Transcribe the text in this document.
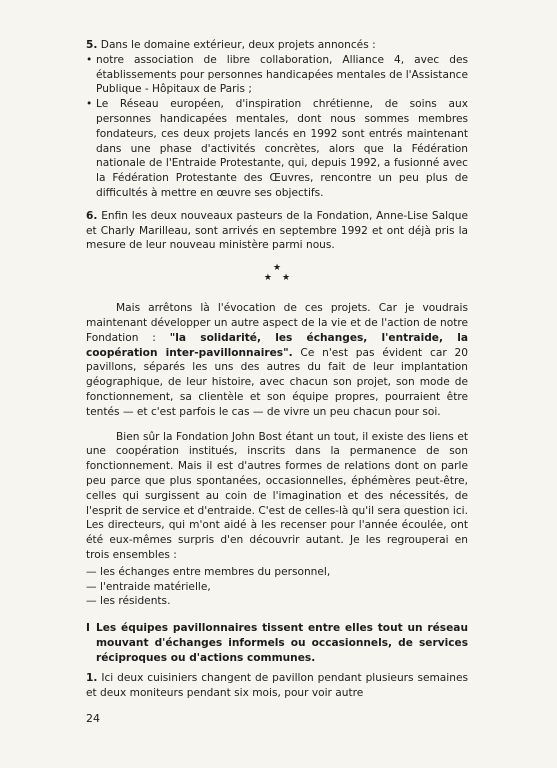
5. Dans le domaine extérieur, deux projets annoncés :

• notre association de libre collaboration, Alliance 4, avec des établissements pour personnes handicapées mentales de l'Assistance Publique - Hôpitaux de Paris ;
• Le Réseau européen, d'inspiration chrétienne, de soins aux personnes handicapées mentales, dont nous sommes membres fondateurs, ces deux projets lancés en 1992 sont entrés maintenant dans une phase d'activités concrètes, alors que la Fédération nationale de l'Entraide Protestante, qui, depuis 1992, a fusionné avec la Fédération Protestante des Œuvres, rencontre un peu plus de difficultés à mettre en œuvre ses objectifs.

6. Enfin les deux nouveaux pasteurs de la Fondation, Anne-Lise Salque et Charly Marilleau, sont arrivés en septembre 1992 et ont déjà pris la mesure de leur nouveau ministère parmi nous.

★
★★

Mais arrêtons là l'évocation de ces projets. Car je voudrais maintenant développer un autre aspect de la vie et de l'action de notre Fondation : "la solidarité, les échanges, l'entraide, la coopération inter-pavillonnaires". Ce n'est pas évident car 20 pavillons, séparés les uns des autres du fait de leur implantation géographique, de leur histoire, avec chacun son projet, son mode de fonctionnement, sa clientèle et son équipe propres, pourraient être tentés — et c'est parfois le cas — de vivre un peu chacun pour soi.

Bien sûr la Fondation John Bost étant un tout, il existe des liens et une coopération institués, inscrits dans la permanence de son fonctionnement. Mais il est d'autres formes de relations dont on parle peu parce que plus spontanées, occasionnelles, éphémères peut-être, celles qui surgissent au coin de l'imagination et des nécessités, de l'esprit de service et d'entraide. C'est de celles-là qu'il sera question ici. Les directeurs, qui m'ont aidé à les recenser pour l'année écoulée, ont été eux-mêmes surpris d'en découvrir autant. Je les regrouperai en trois ensembles :

— les échanges entre membres du personnel,
— l'entraide matérielle,
— les résidents.
I Les équipes pavillonnaires tissent entre elles tout un réseau mouvant d'échanges informels ou occasionnels, de services réciproques ou d'actions communes.

1. Ici deux cuisiniers changent de pavillon pendant plusieurs semaines et deux moniteurs pendant six mois, pour voir autre

24
